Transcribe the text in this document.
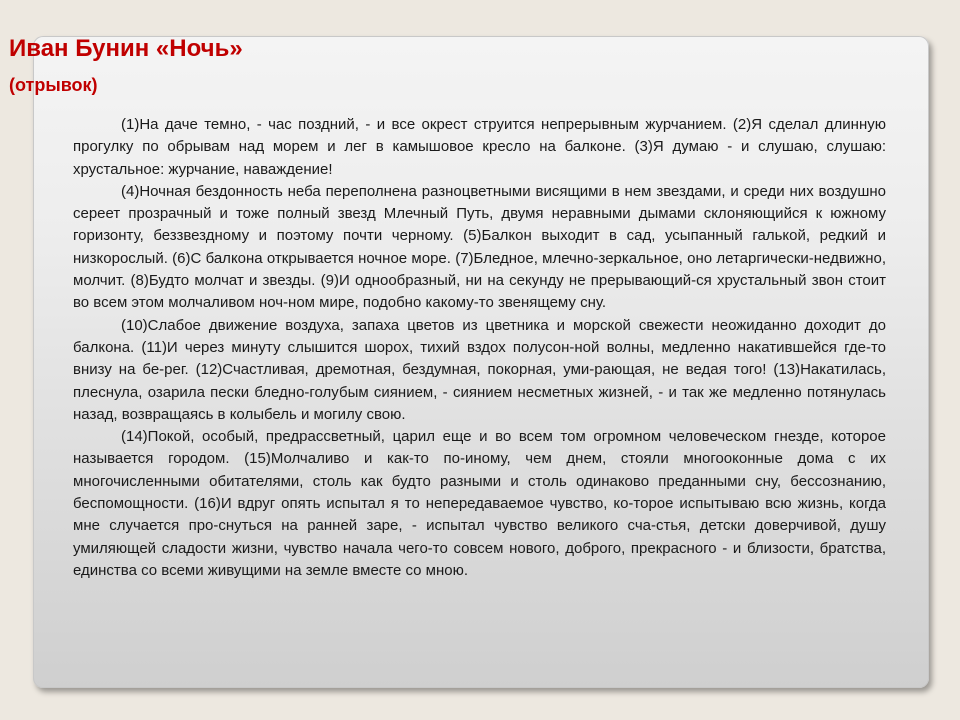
Иван Бунин «Ночь»
(отрывок)

(1)На даче темно, - час поздний, - и все окрест струится непрерывным журчанием. (2)Я сделал длинную прогулку по обрывам над морем и лег в камышовое кресло на балконе. (3)Я думаю - и слушаю, слушаю: хрустальное: журчание, наваждение!

(4)Ночная бездонность неба переполнена разноцветными висящими в нем звездами, и среди них воздушно сереет прозрачный и тоже полный звезд Млечный Путь, двумя неравными дымами склоняющийся к южному горизонту, беззвездному и поэтому почти черному. (5)Балкон выходит в сад, усыпанный галькой, редкий и низкорослый. (6)С балкона открывается ночное море. (7)Бледное, млечно-зеркальное, оно летаргически-недвижно, молчит. (8)Будто молчат и звезды. (9)И однообразный, ни на секунду не прерывающий-ся хрустальный звон стоит во всем этом молчаливом ноч-ном мире, подобно какому-то звенящему сну.

(10)Слабое движение воздуха, запаха цветов из цветника и морской свежести неожиданно доходит до балкона. (11)И через минуту слышится шорох, тихий вздох полусон-ной волны, медленно накатившейся где-то внизу на бе-рег. (12)Счастливая, дремотная, бездумная, покорная, уми-рающая, не ведая того! (13)Накатилась, плеснула, озарила пески бледно-голубым сиянием, - сиянием несметных жизней, - и так же медленно потянулась назад, возвращаясь в колыбель и могилу свою.

(14)Покой, особый, предрассветный, царил еще и во всем том огромном человеческом гнезде, которое называется городом. (15)Молчаливо и как-то по-иному, чем днем, стояли многооконные дома с их многочисленными обитателями, столь как будто разными и столь одинаково преданными сну, бессознанию, беспомощности. (16)И вдруг опять испытал я то непередаваемое чувство, ко-торое испытываю всю жизнь, когда мне случается про-снуться на ранней заре, - испытал чувство великого сча-стья, детски доверчивой, душу умиляющей сладости жизни, чувство начала чего-то совсем нового, доброго, прекрасного - и близости, братства, единства со всеми живущими на земле вместе со мною.
